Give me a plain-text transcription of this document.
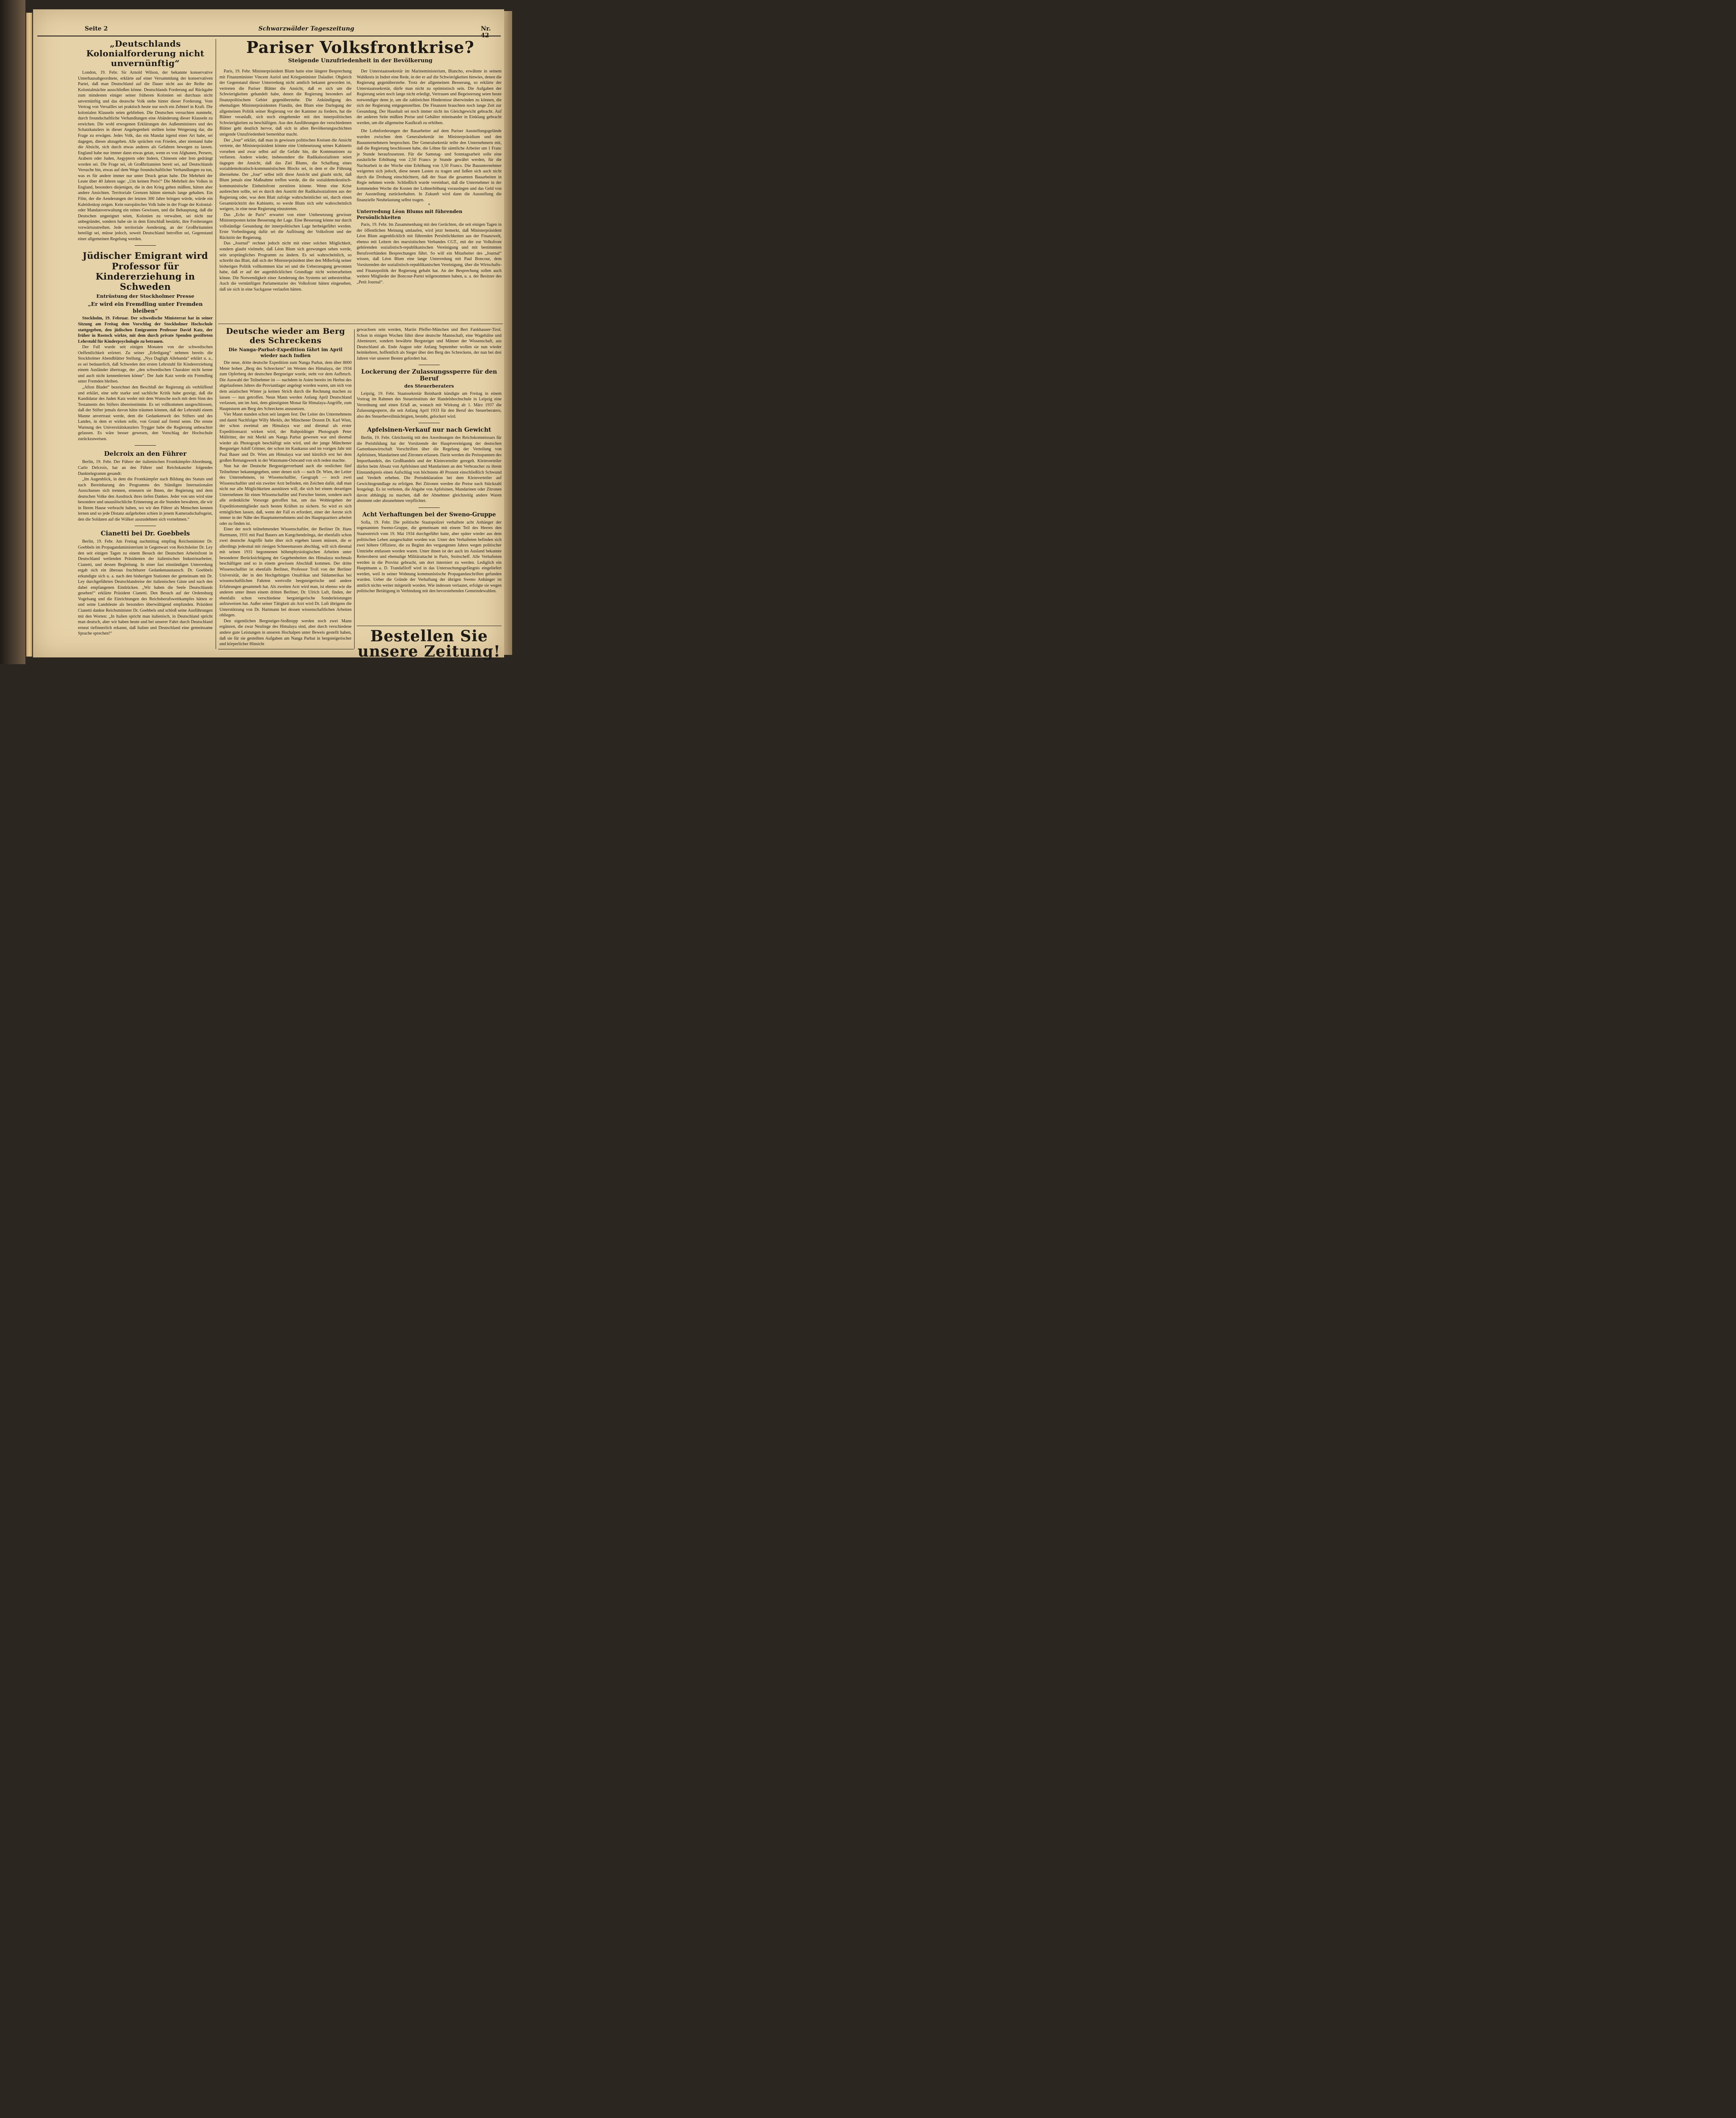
Seite 2	Schwarzwälder Tageszeitung	Nr. 42
„Deutschlands Kolonialforderung nicht unvernünftig“

London, 19. Febr. Sir Arnold Wilson, der bekannte konservative Unterhausabgeordnete, erklärte auf einer Versammlung der konservativen Partei, daß man Deutschland auf die Dauer nicht aus der Reihe der Kolonialmächte ausschließen könne. Deutschlands Forderung auf Rückgabe zum mindesten einiger seiner früheren Kolonien sei durchaus nicht unvernünftig und das deutsche Volk stehe hinter dieser Forderung. Vom Vertrag von Versailles sei praktisch heute nur noch ein Zehntel in Kraft. Die kolonialen Klauseln seien geblieben. Die Deutschen versuchten nunmehr, durch freundschaftliche Verhandlungen eine Abänderung dieser Klauseln zu erreichen. Die wohl erwogenen Erklärungen des Außenministers und des Schatzkanzlers in dieser Angelegenheit stellten keine Weigerung dar, die Frage zu erwägen. Jedes Volk, das ein Mandat irgend einer Art habe, sei dagegen, dieses abzugeben. Alle sprächen von Frieden, aber niemand habe die Absicht, sich durch etwas anderes als Gefahren bewegen zu lassen. England habe nur immer dann etwas getan, wenn es von Afghanen, Persern, Arabern oder Juden, Aegyptern oder Indern, Chinesen oder Iren gedrängt worden sei. Die Frage sei, ob Großbritannien bereit sei, auf Deutschlands Versuche hin, etwas auf dem Wege freundschaftlicher Verhandlungen zu tun, was es für andere immer nur unter Druck getan habe. Die Mehrheit der Leute über 40 Jahren sage: „Um keinen Preis!“ Die Mehrheit des Volkes in England, besonders diejenigen, die in den Krieg gehen müßten, hätten aber andere Ansichten. Territoriale Grenzen hätten niemals lange gehalten. Ein Film, der die Aenderungen der letzten 300 Jahre bringen würde, würde ein Kaleidoskop zeigen. Kein europäisches Volk habe in der Frage der Kolonial- oder Mandatsverwaltung ein reines Gewissen, und die Behauptung, daß die Deutschen ungeeignet seien, Kolonien zu verwalten, sei nicht nur unbegründet, sondern habe sie in dem Entschluß bestärkt, ihre Forderungen vorwärtszutreiben. Jede territoriale Aenderung, an der Großbritannien beteiligt sei, müsse jedoch, soweit Deutschland betroffen sei, Gegenstand einer allgemeinen Regelung werden.

Jüdischer Emigrant wird Professor für Kindererziehung in Schweden

Entrüstung der Stockholmer Presse

„Er wird ein Fremdling unter Fremden bleiben“

Stockholm, 19. Februar. Der schwedische Ministerrat hat in seiner Sitzung am Freitag dem Vorschlag der Stockholmer Hochschule stattgegeben, den jüdischen Emigranten Professor David Katz, der früher in Rostock wirkte, mit dem durch private Spenden gestifteten Lehrstuhl für Kinderpsychologie zu betrauen.

Der Fall wurde seit einigen Monaten von der schwedischen Oeffentlichkeit erörtert. Zu seiner „Erledigung“ nehmen bereits die Stockholmer Abendblätter Stellung. „Nya Dagligh Allehanda“ erklärt u. a., es sei bedauerlich, daß Schweden den ersten Lehrstuhl für Kindererziehung einem Ausländer übertrage, der „den schwedischen Charakter nicht kenne und auch nicht kennenlernen könne“. Der Jude Katz werde ein Fremdling unter Fremden bleiben.

„Afton Bladet“ bezeichnet den Beschluß der Regierung als verblüffend und erklärt, eine sehr starke und sachliche Kritik habe gezeigt, daß die Kandidatur des Juden Katz weder mit dem Wunsche noch mit dem Sinn des Testaments des Stifters übereinstimme. Es sei vollkommen ausgeschlossen, daß der Stifter jemals davon hätte träumen können, daß der Lehrstuhl einem Manne anvertraut werde, dem die Gedankenwelt des Stifters und des Landes, in dem er wirken solle, von Grund auf fremd seien. Die ernste Warnung des Universitätskanzlers Trygger habe die Regierung unbeachtet gelassen. Es wäre besser gewesen, den Vorschlag der Hochschule zurückzuweisen.

Delcroix an den Führer

Berlin, 19. Febr. Der Führer der italienischen Frontkämpfer-Abordnung, Carlo Delcroix, hat an den Führer und Reichskanzler folgendes Danktelegramm gesandt:

„Im Augenblick, in dem die Frontkämpfer nach Bildung des Statuts und nach Bereinbarung des Programms des Ständigen Internationalen Ausschusses sich trennen, erneuern sie Ihnen, der Regierung und dem deutschen Volke den Ausdruck ihres tiefen Dankes. Jeder von uns wird eine besondere und unauslöschliche Erinnerung an die Stunden bewahren, die wir in Ihrem Hause verbracht haben, wo wir den Führer als Menschen kennen lernen und so jede Distanz aufgehoben schien in jenem Kameradschaftsgeist, den die Soldaten auf die Wälker auszudehnen sich vornehmen.“

Cianetti bei Dr. Goebbels

Berlin, 19. Febr. Am Freitag nachmittag empfing Reichsminister Dr. Goebbels im Propagandaministerium in Gegenwart von Reichsleiter Dr. Ley den seit einigen Tagen zu einem Besuch der Deutschen Arbeitsfront in Deutschland weilenden Präsidenten der italienischen Industriearbeiter, Cianetti, und dessen Begleitung. In einer fast einstündigen Unterredung ergab sich ein überaus fruchtbarer Gedankenaustausch. Dr. Goebbels erkundigte sich u. a. nach den bisherigen Stationen der gemeinsam mit Dr. Ley durchgeführten Deutschlandreise der italienischen Gäste und nach den dabei empfangenen Eindrücken. „Wir haben die Seele Deutschlands gesehen!“ erklärte Präsident Cianetti. Den Besuch auf der Ordensburg Vogelsang und die Einrichtungen des Reichsberufswettkampfes hätten er und seine Landsleute als besonders überwältigend empfunden. Präsident Cianetti dankte Reichsminister Dr. Goebbels und schloß seine Ausführungen mit den Worten: „In Italien spricht man italienisch, in Deutschland spricht man deutsch, aber wir haben heute und bei unserer Fahrt durch Deutschland erneut tiefinnerlich erkannt, daß Italien und Deutschland eine gemeinsame Sprache sprechen!“

Pariser Volksfrontkrise?

Steigende Unzufriedenheit in der Bevölkerung

Paris, 19. Febr. Ministerpräsident Blum hatte eine längere Besprechung mit Finanzminister Vincent Auriol und Kriegsminister Daladier. Obgleich der Gegenstand dieser Unterredung nicht amtlich bekannt geworden ist, vertreten die Pariser Blätter die Ansicht, daß es sich um die Schwierigkeiten gehandelt habe, denen die Regierung besonders auf finanzpolitischem Gebiet gegenüberstehe. Die Ankündigung des ehemaligen Ministerpräsidenten Flandin, den Blum eine Darlegung der allgemeinen Politik seiner Regierung vor der Kammer zu fordern, hat die Blätter veranlaßt, sich noch eingehender mit den innerpolitischen Schwierigkeiten zu beschäftigen. Aus den Ausführungen der verschiedenen Blätter geht deutlich hervor, daß sich in allen Bevölkerungsschichten steigende Unzufriedenheit bemerkbar macht.

Der „Jour“ erklärt, daß man in gewissen politischen Kreisen die Ansicht vertrete, der Ministerpräsident könnte eine Umbesetzung seines Kabinetts vorsehen und zwar selbst auf die Gefahr hin, die Kommunisten zu verlieren. Andere wieder, insbesondere die Radikalsozialisten seien dagegen der Ansicht, daß das Ziel Blums, die Schaffung eines sozialdemokratisch-kommunistischen Blocks sei, in dem er die Führung übernehme. Der „Jour“ selbst teilt diese Ansicht und glaubt nicht, daß Blum jemals eine Maßnahme treffen werde, die die sozialdemokratisch-kommunistische Einheitsfront zerstören könnte. Wenn eine Krise ausbrechen sollte, sei es durch den Austritt der Radikalsozialisten aus der Regierung oder, was dem Blatt zufolge wahrscheinlicher sei, durch einen Gesamtrücktritt des Kabinetts, so werde Blum sich sehr wahrscheinlich weigern, in eine neue Regierung einzutreten.

Das „Echo de Paris“ erwartet von einer Umbesetzung gewisser Ministerposten keine Besserung der Lage. Eine Besserung könne nur durch vollständige Gesundung der innerpolitischen Lage herbeigeführt werden. Erste Vorbedingung dafür sei die Auflösung der Volksfront und der Rücktritt der Regierung.

Das „Journal“ rechnet jedoch nicht mit einer solchen Möglichkeit, sondern glaubt vielmehr, daß Léon Blum sich gezwungen sehen werde, sein ursprüngliches Programm zu ändern. Es sei wahrscheinlich, so schreibt das Blatt, daß sich der Ministerpräsident über den Mißerfolg seiner bisherigen Politik vollkommen klar sei und die Ueberzeugung gewonnen habe, daß er auf der augenblicklichen Grundlage nicht weiterarbeiten könne. Die Notwendigkeit einer Aenderung des Systems sei unbestreitbar. Auch die vernünftigen Parlamentarier des Volksfront hätten eingesehen, daß sie sich in eine Sackgasse verlaufen hätten.

Der Unterstaatssekretär im Marineministerium, Blancho, erwähnte in seinem Wahlkreis in Indret eine Rede, in der er auf die Schwierigkeiten hinwies, denen die Regierung gegenüberstehe. Trotz der allgemeinen Besserung, so erklärte der Unterstaatssekretär, dürfe man nicht zu optimistisch sein. Die Aufgaben der Regierung seien noch lange nicht erledigt, Vertrauen und Begeisterung seien heute notwendiger denn je, um die zahlreichen Hindernisse überwinden zu können, die sich der Regierung entgegenstellten. Die Finanzen brauchten noch lange Zeit zur Gesundung. Der Haushalt sei noch immer nicht ins Gleichgewicht gebracht. Auf der anderen Seite müßten Preise und Gehälter miteinander in Einklang gebracht werden, um die allgemeine Kaufkraft zu erhöhen.

Die Lohnforderungen der Bauarbeiter auf dem Pariser Ausstellungsgelände wurden zwischen dem Generalsekretär im Ministerpräsidium und den Bauunternehmern besprochen. Der Generalsekretär teilte den Unternehmern mit, daß die Regierung beschlossen habe, die Löhne für sämtliche Arbeiter um 1 Franc je Stunde heraufzusetzen. Für die Samstag- und Sonntagsarbeit solle eine zusätzliche Erhöhung von 2,50 Francs je Stunde gewährt werden, für die Nachtarbeit in der Woche eine Erhöhung von 3,50 Francs. Die Bauunternehmer weigerten sich jedoch, diese neuen Lasten zu tragen und ließen sich auch nicht durch die Drohung einschüchtern, daß der Staat die gesamten Bauarbeiten in Regie nehmen werde. Schließlich wurde vereinbart, daß die Unternehmer in der kommenden Woche die Kosten der Lohnerhöhung vorauslegen und das Geld von der Ausstellung zurückerhalten. In Zukunft wird dann die Ausstellung die finanzielle Neubelastung selbst tragen.

*

Unterredung Léon Blums mit führenden Persönlichkeiten

Paris, 19. Febr. Im Zusammenhang mit den Gerüchten, die seit einigen Tagen in der öffentlichen Meinung umlaufen, wird jetzt bemerkt, daß Ministerpräsident Léon Blum augenblicklich mit führenden Persönlichkeiten aus der Finanzwelt, ebenso mit Leitern des marxistischen Verbandes CGT., mit der zur Volksfront gehörenden sozialistisch-republikanischen Vereinigung und mit bestimmten Berufsverbänden Besprechungen führt. So will ein Mitarbeiter des „Journal“ wissen, daß Léon Blum eine lange Unterredung mit Paul Boncour, dem Vorsitzenden der sozialistisch-republikanischen Vereinigung, über die Wirtschafts- und Finanzpolitik der Regierung gehabt hat. An der Besprechung sollen auch weitere Mitglieder der Boncour-Partei teilgenommen haben, u. a. der Besitzer des „Petit Journal“.

Deutsche wieder am Berg des Schreckens

Die Nanga-Parbat-Expedition fährt im April wieder nach Indien

Die neue, dritte deutsche Expedition zum Nanga Parbat, dem über 8000 Meter hohen „Berg des Schreckens“ im Westen des Himalaya, der 1934 zum Opferberg der deutschen Bergsteiger wurde, steht vor dem Aufbruch. Die Auswahl der Teilnehmer ist — nachdem in Asien bereits im Herbst des abgelaufenen Jahres die Proviantlager angelegt worden waren, um sich von dem asiatischen Winter ja keinen Strich durch die Rechnung machen zu lassen — nun getroffen. Neun Mann werden Anfang April Deutschland verlassen, um im Juni, dem günstigsten Monat für Himalaya-Angriffe, zum Hauptsturm am Berg des Schreckens anzusetzen.

Vier Mann standen schon seit langem fest: Der Leiter des Unternehmens und damit Nachfolger Willy Merkls, der Münchener Dozent Dr. Karl Wien, der schon zweimal am Himalaya war und diesmal als erster Expeditionsarzt wirken wird, der Ruhpoldinger Photograph Peter Müllritter, der mit Merkl am Nanga Parbat gewesen war und diesmal wieder als Photograph beschäftigt sein wird, und der junge Münchener Bergsteiger Adolf Göttner, der schon im Kaukasus und im vorigen Jahr mit Paul Bauer und Dr. Wien am Himalaya war und kürzlich erst bei dem großen Rettungswerk in der Watzmann-Ostwand von sich reden machte.

Nun hat der Deutsche Bergsteigerverband auch die restlichen fünf Teilnehmer bekanntgegeben, unter denen sich — nach Dr. Wien, der Leiter des Unternehmens, ist Wissenschaftler, Geograph — noch zwei Wissenschaftler und ein zweiter Arzt befinden, ein Zeichen dafür, daß man nicht nur alle Möglichkeiten ausnützen will, die sich bei einem derartigen Unternehmen für einen Wissenschaftler und Forscher bieten, sondern auch alle erdenkliche Vorsorge getroffen hat, um das Wohlergehen der Expeditionsmitglieder nach besten Kräften zu sichern. So wird es sich ermöglichen lassen, daß, wenn der Fall es erfordert, einer der Aerzte sich immer in der Nähe des Hauptunternehmens und des Hauptquartiers arbeitet oder zu finden ist.

Einer der noch teilnehmenden Wissenschaftler, der Berliner Dr. Hans Hartmann, 1931 mit Paul Bauers am Kangchendzönga, der ebenfalls schon zwei deutsche Angriffe hatte über sich ergehen lassen müssen, die er allerdings jedesmal mit riesigen Schneemassen abschlug, will sich diesmal mit seinen 1931 begonnenen höhenphysiologischen Arbeiten unter besonderer Berücksichtigung der Gegebenheiten des Himalaya nochmals beschäftigen und so in einem gewissen Abschluß kommen. Der dritte Wissenschaftler ist ebenfalls Berliner, Professor Troll von der Berliner Universität, der in den Hochgebirgen Ostafrikas und Südamerikas bei wissenschaftlichen Fahrten wertvolle bergsteigerische und andere Erfahrungen gesammelt hat. Als zweiten Arzt wird man, ist ebenso wie die anderen unter ihnen einem dritten Berliner, Dr. Ulrich Luft, finden, der ebenfalls schon verschiedene bergsteigerische Sonderleistungen aufzuweisen hat. Außer seiner Tätigkeit als Arzt wird Dr. Luft übrigens die Unterstützung von Dr. Hartmann bei dessen wissenschaftlichen Arbeiten obliegen.

Den eigentlichen Bergsteiger-Stoßtrupp werden noch zwei Mann ergänzen, die zwar Neulinge des Himalaya sind, aber durch verschiedene andere gute Leistungen in unseren Hochalpen unter Beweis gestellt haben, daß sie für sie gestellten Aufgaben am Nanga Parbat in bergsteigerischer und körperlicher Hinsicht

gewachsen sein werden, Martin Pfeffer-München und Bert Fankhauser-Tirol. Schon in einigen Wochen führt diese deutsche Mannschaft, eine Wagehälse und Abenteurer, sondern bewährte Bergsteiger und Männer der Wissenschaft, aus Deutschland ab. Ende August oder Anfang September wollen sie nun wieder heimkehren, hoffentlich als Sieger über den Berg des Schreckens, der nun bei drei Jahren vier unserer Besten gefordert hat.

Lockerung der Zulassungssperre für den Beruf

des Steuerberaters

Leipzig, 19. Febr. Staatssekretär Reinhardt kündigte am Freitag in einem Vortrag im Rahmen des Steuerinstituts der Handelshochschule in Leipzig eine Verordnung und einen Erlaß an, wonach mit Wirkung ab 1. März 1937 die Zulassungssperre, die seit Anfang April 1933 für den Beruf des Steuerberaters, also des Steuerbevollmächtigten, besteht, gelockert wird.

Apfelsinen-Verkauf nur nach Gewicht

Berlin, 19. Febr. Gleichzeitig mit den Anordnungen des Reichskommissars für die Preisbildung hat der Vorsitzende der Hauptvereinigung der deutschen Gartenbauwirtschaft Vorschriften über die Regelung der Verteilung von Apfelsinen, Mandarinen und Zitronen erlassen. Darin werden die Preisspannen des Importhandels, des Großhandels und der Kleinverteiler geregelt. Kleinverteiler dürfen beim Absatz von Apfelsinen und Mandarinen an den Verbraucher zu ihrem Einstandspreis einen Aufschlag von höchstens 40 Prozent einschließlich Schwund und Verderb erheben. Die Preisdeklaration bei dem Kleinverteiler auf Gewichtsgrundlage zu erfolgen. Bei Zitronen werden die Preise nach Stückzahl festgelegt. Es ist verboten, die Abgabe von Apfelsinen, Mandarinen oder Zitronen davon abhängig zu machen, daß der Abnehmer gleichzeitig andere Waren abnimmt oder abzunehmen verpflichtet.

Acht Verhaftungen bei der Sweno-Gruppe

Sofia, 19. Febr. Die politische Staatspolizei verhaftete acht Anhänger der sogenannten Sweno-Gruppe, die gemeinsam mit einem Teil des Heeres den Staatsstreich vom 19. Mai 1934 durchgeführt hatte, aber später wieder aus dem politischen Leben ausgeschaltet worden war. Unter den Verhafteten befinden sich zwei höhere Offiziere, die zu Beginn des vergangenen Jahres wegen politischer Umtriebe entlassen worden waren. Unter ihnen ist der auch im Ausland bekannte Reiteroberst und ehemalige Militärattaché in Paris, Stoitscheff. Alle Verhafteten werden in die Provinz gebracht, um dort interniert zu werden. Lediglich ein Hauptmann a. D. Trandafiloff wird in das Untersuchungsgefängnis eingeliefert werden, weil in seiner Wohnung kommunistische Propagandaschriften gefunden wurden. Ueber die Gründe der Verhaftung der übrigen Sweno Anhänger ist amtlich nichts weiter mitgeteilt worden. Wie indessen verlautet, erfolgte sie wegen politischer Betätigung in Verbindung mit den bevorstehenden Gemeindewahlen.

Bestellen Sie unsere Zeitung!
